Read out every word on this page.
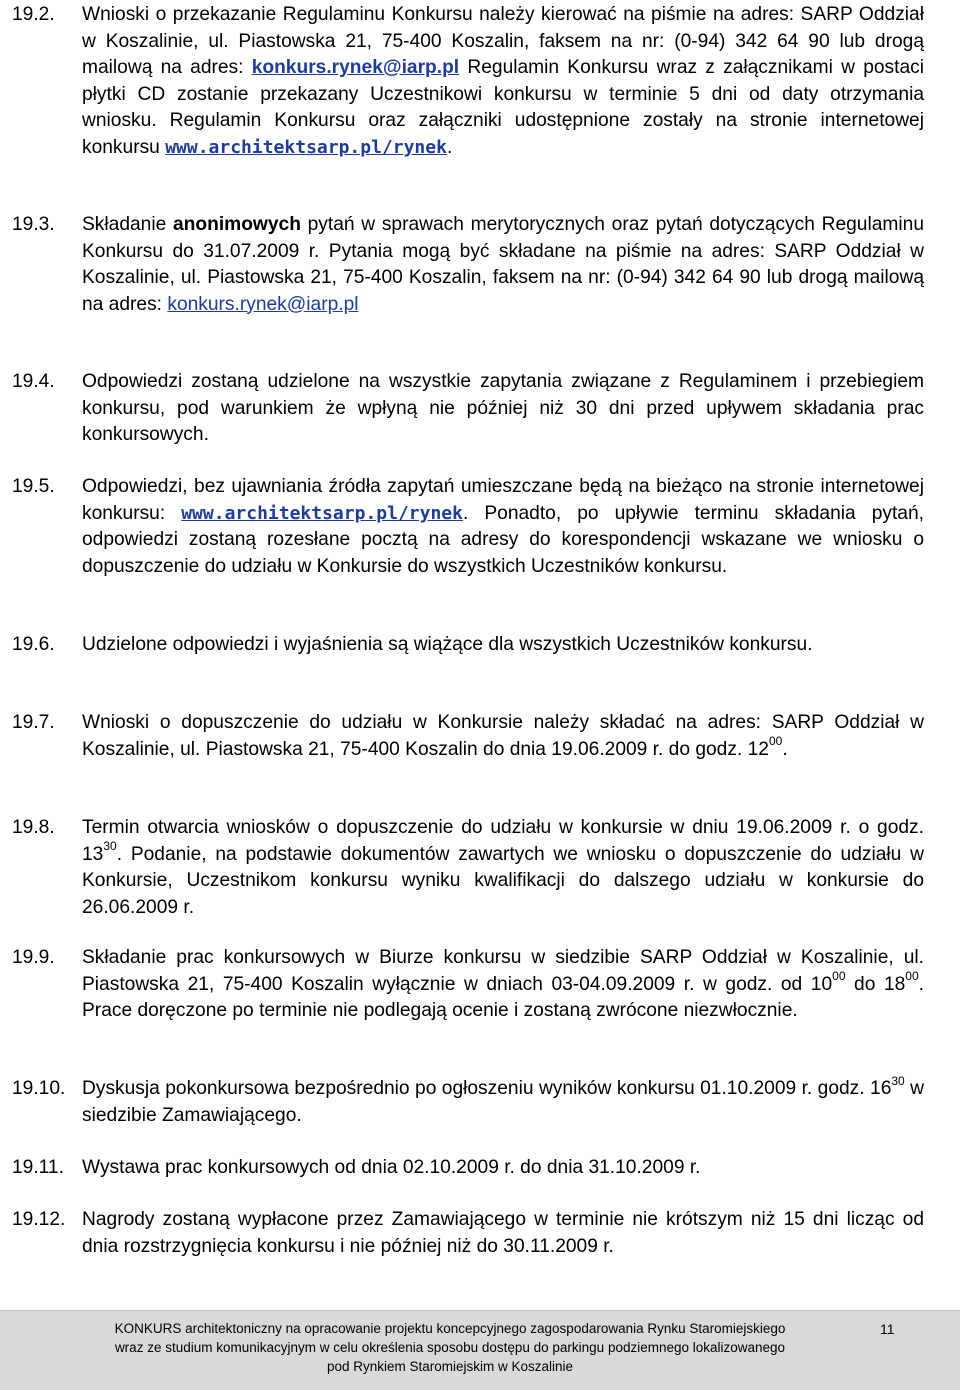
19.2.	Wnioski o przekazanie Regulaminu Konkursu należy kierować na piśmie na adres: SARP Oddział w Koszalinie, ul. Piastowska 21, 75-400 Koszalin, faksem na nr: (0-94) 342 64 90 lub drogą mailową na adres: konkurs.rynek@iarp.pl Regulamin Konkursu wraz z załącznikami w postaci płytki CD zostanie przekazany Uczestnikowi konkursu w terminie 5 dni od daty otrzymania wniosku. Regulamin Konkursu oraz załączniki udostępnione zostały na stronie internetowej konkursu www.architektsarp.pl/rynek.
19.3.	Składanie anonimowych pytań w sprawach merytorycznych oraz pytań dotyczących Regulaminu Konkursu do 31.07.2009 r. Pytania mogą być składane na piśmie na adres: SARP Oddział w Koszalinie, ul. Piastowska 21, 75-400 Koszalin, faksem na nr: (0-94) 342 64 90 lub drogą mailową na adres: konkurs.rynek@iarp.pl
19.4.	Odpowiedzi zostaną udzielone na wszystkie zapytania związane z Regulaminem i przebiegiem konkursu, pod warunkiem że wpłyną nie później niż 30 dni przed upływem składania prac konkursowych.
19.5.	Odpowiedzi, bez ujawniania źródła zapytań umieszczane będą na bieżąco na stronie internetowej konkursu: www.architektsarp.pl/rynek. Ponadto, po upływie terminu składania pytań, odpowiedzi zostaną rozesłane pocztą na adresy do korespondencji wskazane we wniosku o dopuszczenie do udziału w Konkursie do wszystkich Uczestników konkursu.
19.6.	Udzielone odpowiedzi i wyjaśnienia są wiążące dla wszystkich Uczestników konkursu.
19.7.	Wnioski o dopuszczenie do udziału w Konkursie należy składać na adres: SARP Oddział w Koszalinie, ul. Piastowska 21, 75-400 Koszalin do dnia 19.06.2009 r. do godz. $12^{00}$.
19.8.	Termin otwarcia wniosków o dopuszczenie do udziału w konkursie w dniu 19.06.2009 r. o godz. $13^{30}$. Podanie, na podstawie dokumentów zawartych we wniosku o dopuszczenie do udziału w Konkursie, Uczestnikom konkursu wyniku kwalifikacji do dalszego udziału w konkursie do 26.06.2009 r.
19.9.	Składanie prac konkursowych w Biurze konkursu w siedzibie SARP Oddział w Koszalinie, ul. Piastowska 21, 75-400 Koszalin wyłącznie w dniach 03-04.09.2009 r. w godz. od $10^{00}$ do $18^{00}$. Prace doręczone po terminie nie podlegają ocenie i zostaną zwrócone niezwłocznie.
19.10. Dyskusja pokonkursowa bezpośrednio po ogłoszeniu wyników konkursu 01.10.2009 r. godz. $16^{30}$ w siedzibie Zamawiającego.
19.11. Wystawa prac konkursowych od dnia 02.10.2009 r. do dnia 31.10.2009 r.
19.12. Nagrody zostaną wypłacone przez Zamawiającego w terminie nie krótszym niż 15 dni licząc od dnia rozstrzygnięcia konkursu i nie później niż do 30.11.2009 r.
KONKURS architektoniczny na opracowanie projektu koncepcyjnego zagospodarowania Rynku Staromiejskiego
wraz ze studium komunikacyjnym w celu określenia sposobu dostępu do parkingu podziemnego lokalizowanego
pod Rynkiem Staromiejskim w Koszalinie
11
